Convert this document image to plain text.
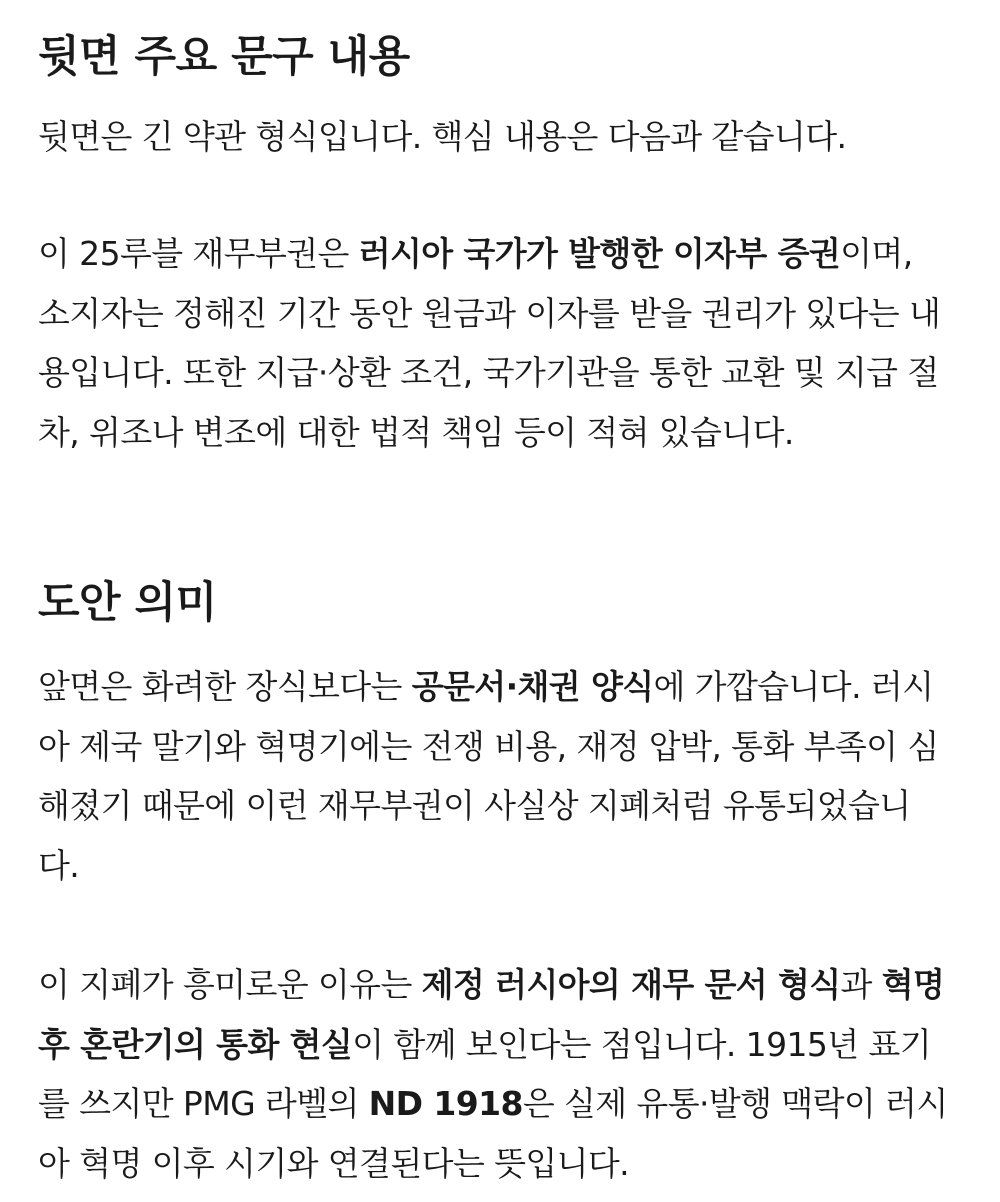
뒷면 주요 문구 내용

뒷면은 긴 약관 형식입니다. 핵심 내용은 다음과 같습니다.

이 25루블 재무부권은 러시아 국가가 발행한 이자부 증권이며, 소지자는 정해진 기간 동안 원금과 이자를 받을 권리가 있다는 내용입니다. 또한 지급·상환 조건, 국가기관을 통한 교환 및 지급 절차, 위조나 변조에 대한 법적 책임 등이 적혀 있습니다.

도안 의미

앞면은 화려한 장식보다는 공문서·채권 양식에 가깝습니다. 러시아 제국 말기와 혁명기에는 전쟁 비용, 재정 압박, 통화 부족이 심해졌기 때문에 이런 재무부권이 사실상 지폐처럼 유통되었습니다.

이 지폐가 흥미로운 이유는 제정 러시아의 재무 문서 형식과 혁명 후 혼란기의 통화 현실이 함께 보인다는 점입니다. 1915년 표기를 쓰지만 PMG 라벨의 ND 1918은 실제 유통·발행 맥락이 러시아 혁명 이후 시기와 연결된다는 뜻입니다.
